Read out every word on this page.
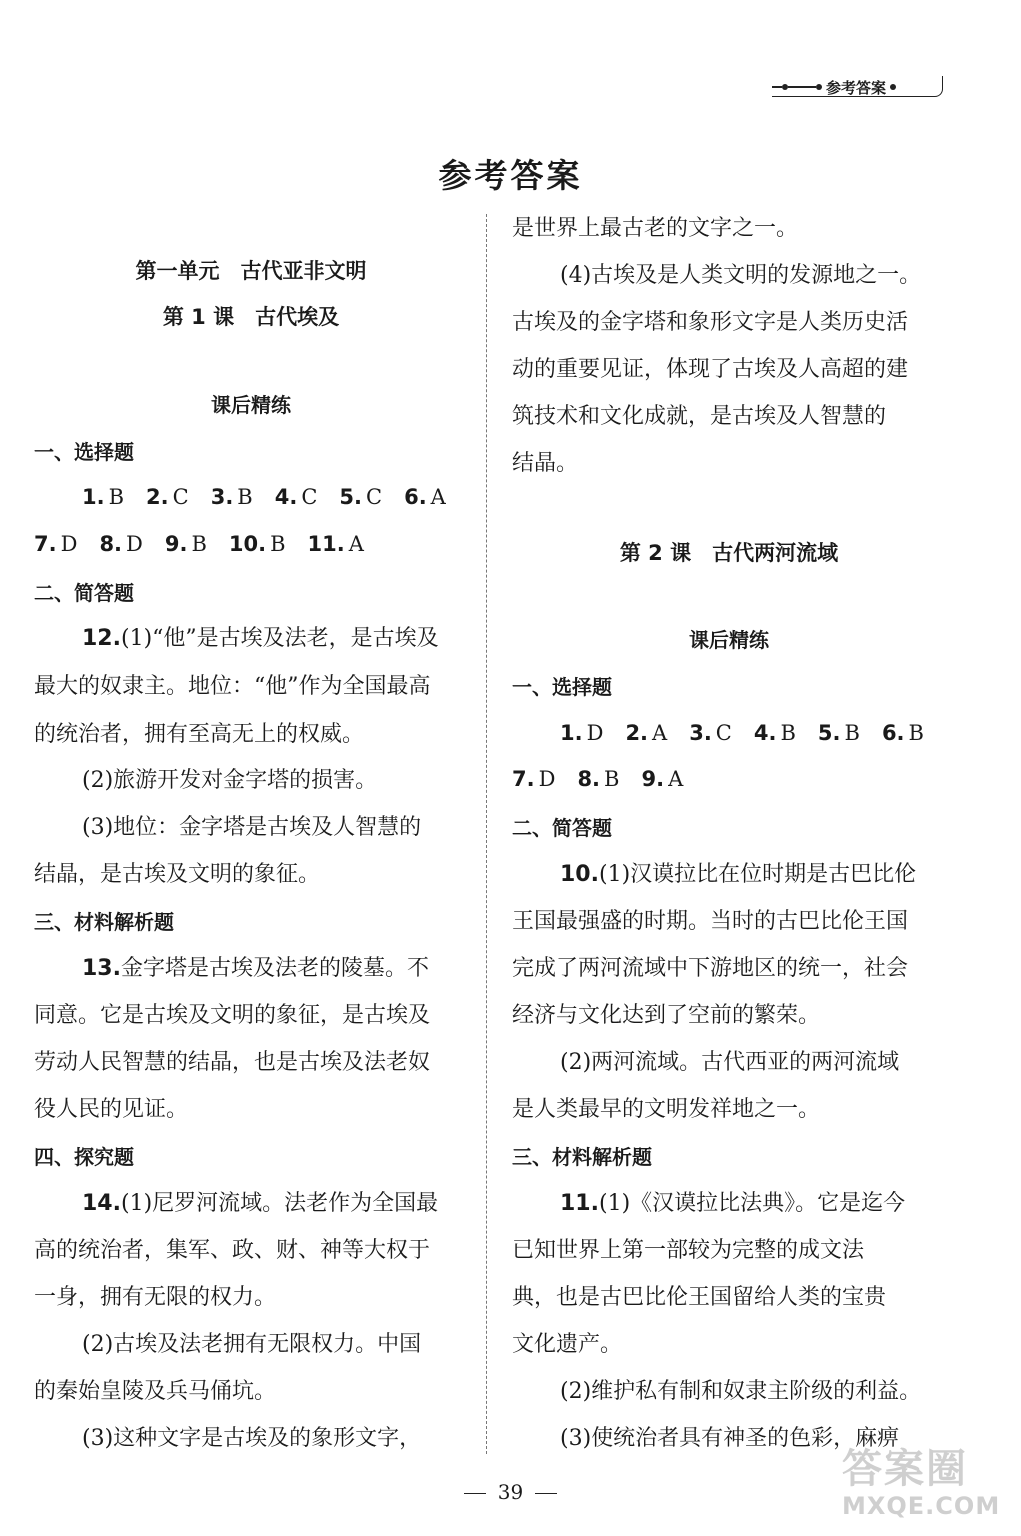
参考答案
参考答案
第一单元　古代亚非文明
第 1 课　古代埃及
课后精练
一、选择题
1. B 2. C 3. B 4. C 5. C 6. A
7. D 8. D 9. B 10. B 11. A
二、简答题
12.(1)“他”是古埃及法老，是古埃及
最大的奴隶主。地位：“他”作为全国最高
的统治者，拥有至高无上的权威。
(2)旅游开发对金字塔的损害。
(3)地位：金字塔是古埃及人智慧的
结晶，是古埃及文明的象征。
三、材料解析题
13.金字塔是古埃及法老的陵墓。不
同意。它是古埃及文明的象征，是古埃及
劳动人民智慧的结晶，也是古埃及法老奴
役人民的见证。
四、探究题
14.(1)尼罗河流域。法老作为全国最
高的统治者，集军、政、财、神等大权于
一身，拥有无限的权力。
(2)古埃及法老拥有无限权力。中国
的秦始皇陵及兵马俑坑。
(3)这种文字是古埃及的象形文字，
是世界上最古老的文字之一。
(4)古埃及是人类文明的发源地之一。
古埃及的金字塔和象形文字是人类历史活
动的重要见证，体现了古埃及人高超的建
筑技术和文化成就，是古埃及人智慧的
结晶。
第 2 课　古代两河流域
课后精练
一、选择题
1. D 2. A 3. C 4. B 5. B 6. B
7. D 8. B 9. A
二、简答题
10.(1)汉谟拉比在位时期是古巴比伦
王国最强盛的时期。当时的古巴比伦王国
完成了两河流域中下游地区的统一，社会
经济与文化达到了空前的繁荣。
(2)两河流域。古代西亚的两河流域
是人类最早的文明发祥地之一。
三、材料解析题
11.(1)《汉谟拉比法典》。它是迄今
已知世界上第一部较为完整的成文法
典，也是古巴比伦王国留给人类的宝贵
文化遗产。
(2)维护私有制和奴隶主阶级的利益。
(3)使统治者具有神圣的色彩，麻痹
39	答案圈
MXQE.COM
